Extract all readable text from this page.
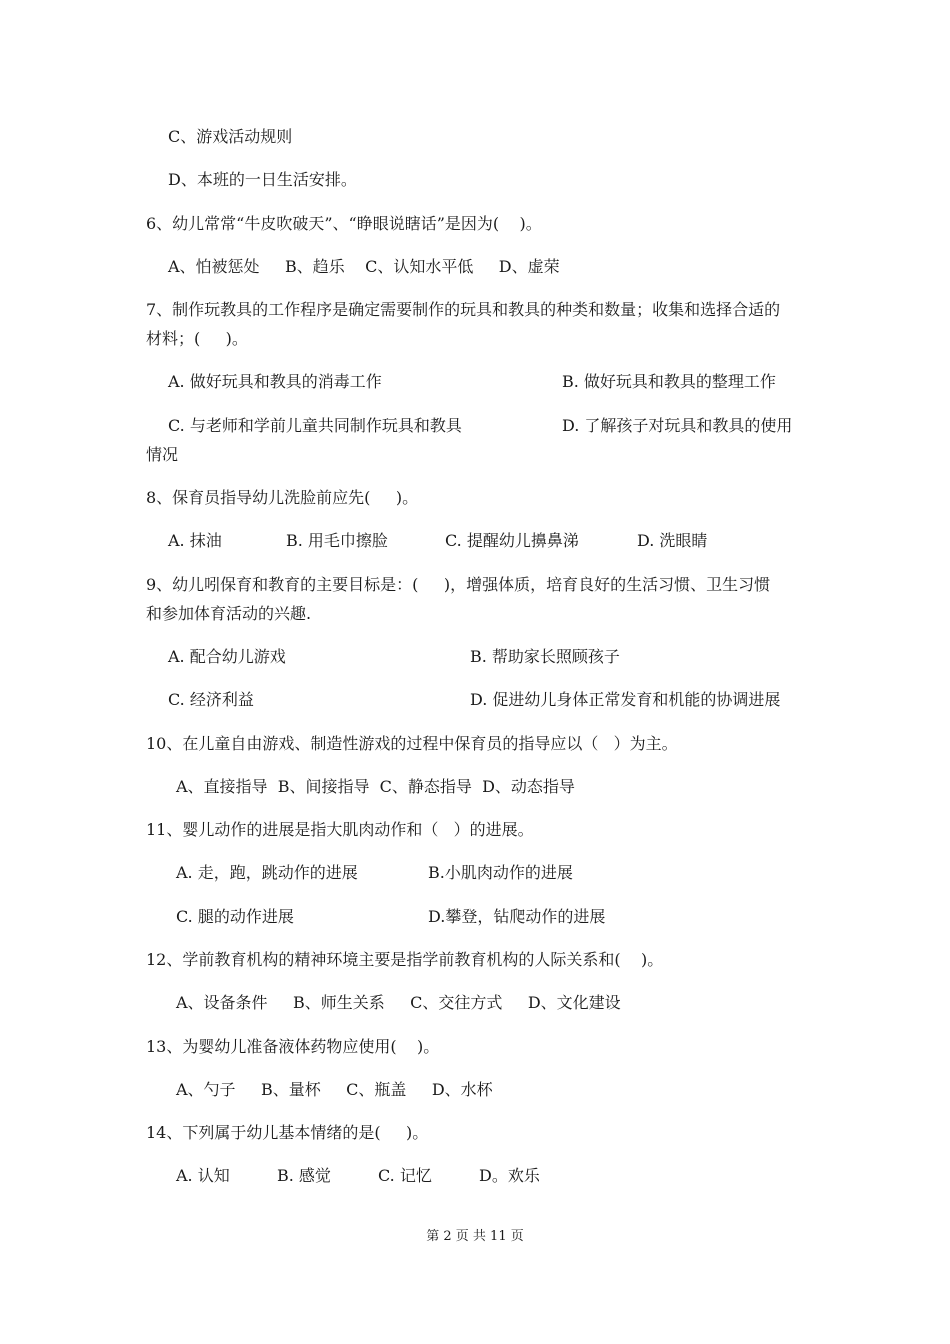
C、游戏活动规则

D、本班的一日生活安排。

6、幼儿常常“牛皮吹破天”、“睁眼说瞎话”是因为(    )。

A、怕被惩处     B、趋乐    C、认知水平低     D、虚荣

7、制作玩教具的工作程序是确定需要制作的玩具和教具的种类和数量；收集和选择合适的

材料；(     )。

A. 做好玩具和教具的消毒工作	B. 做好玩具和教具的整理工作

C. 与老师和学前儿童共同制作玩具和教具	D. 了解孩子对玩具和教具的使用

情况

8、保育员指导幼儿洗脸前应先(     )。

A. 抹油	B. 用毛巾擦脸	C. 提醒幼儿擤鼻涕	D. 洗眼睛

9、幼儿吲保育和教育的主要目标是：(     )，增强体质，培育良好的生活习惯、卫生习惯

和参加体育活动的兴趣.

A. 配合幼儿游戏	B. 帮助家长照顾孩子

C. 经济利益	D. 促进幼儿身体正常发育和机能的协调进展

10、在儿童自由游戏、制造性游戏的过程中保育员的指导应以（   ）为主。

A、直接指导  B、间接指导  C、静态指导  D、动态指导

11、婴儿动作的进展是指大肌肉动作和（   ）的进展。

A. 走，跑，跳动作的进展	B.小肌肉动作的进展

C. 腿的动作进展	D.攀登，钻爬动作的进展

12、学前教育机构的精神环境主要是指学前教育机构的人际关系和(    )。

A、设备条件     B、师生关系     C、交往方式     D、文化建设

13、为婴幼儿准备液体药物应使用(    )。

A、勺子     B、量杯     C、瓶盖     D、水杯

14、下列属于幼儿基本情绪的是(     )。

A. 认知	B. 感觉	C. 记忆	D。欢乐

第 2 页 共 11 页
